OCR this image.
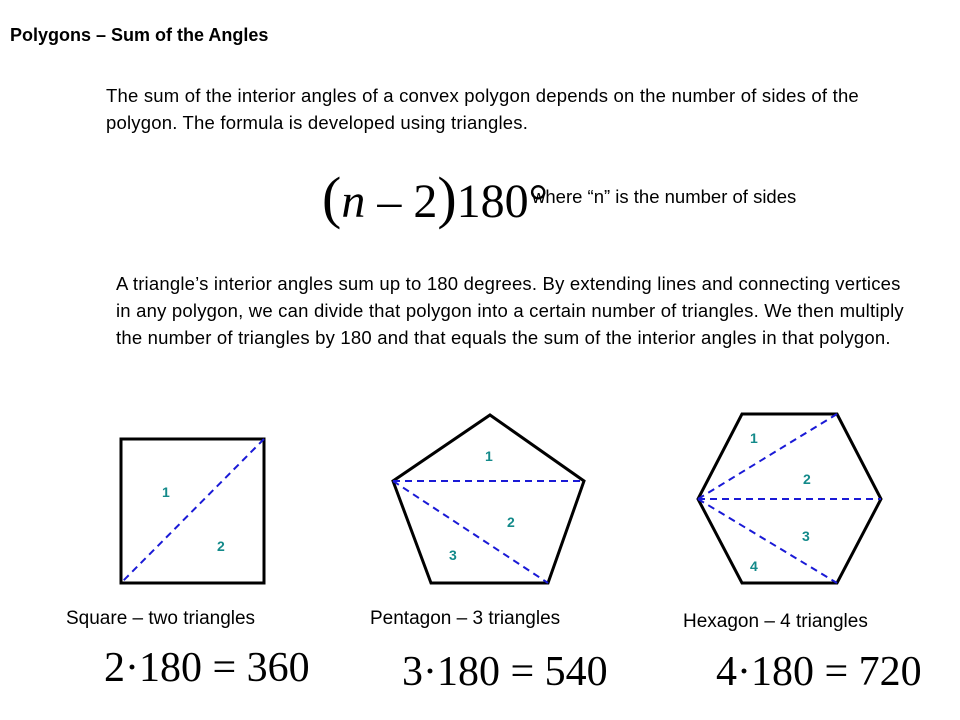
Polygons – Sum of the Angles
The sum of the interior angles of a convex polygon depends on the number of sides of the polygon. The formula is developed using triangles.
(n – 2)180°
where “n” is the number of sides
A triangle’s interior angles sum up to 180 degrees. By extending lines and connecting vertices in any polygon, we can divide that polygon into a certain number of triangles. We then multiply the number of triangles by 180 and that equals the sum of the interior angles in that polygon.
1
2
1
2
3
1
2
3
4
Square – two triangles	Pentagon – 3 triangles	Hexagon – 4 triangles
2·180 = 360 3·180 = 540	4·180 = 720
